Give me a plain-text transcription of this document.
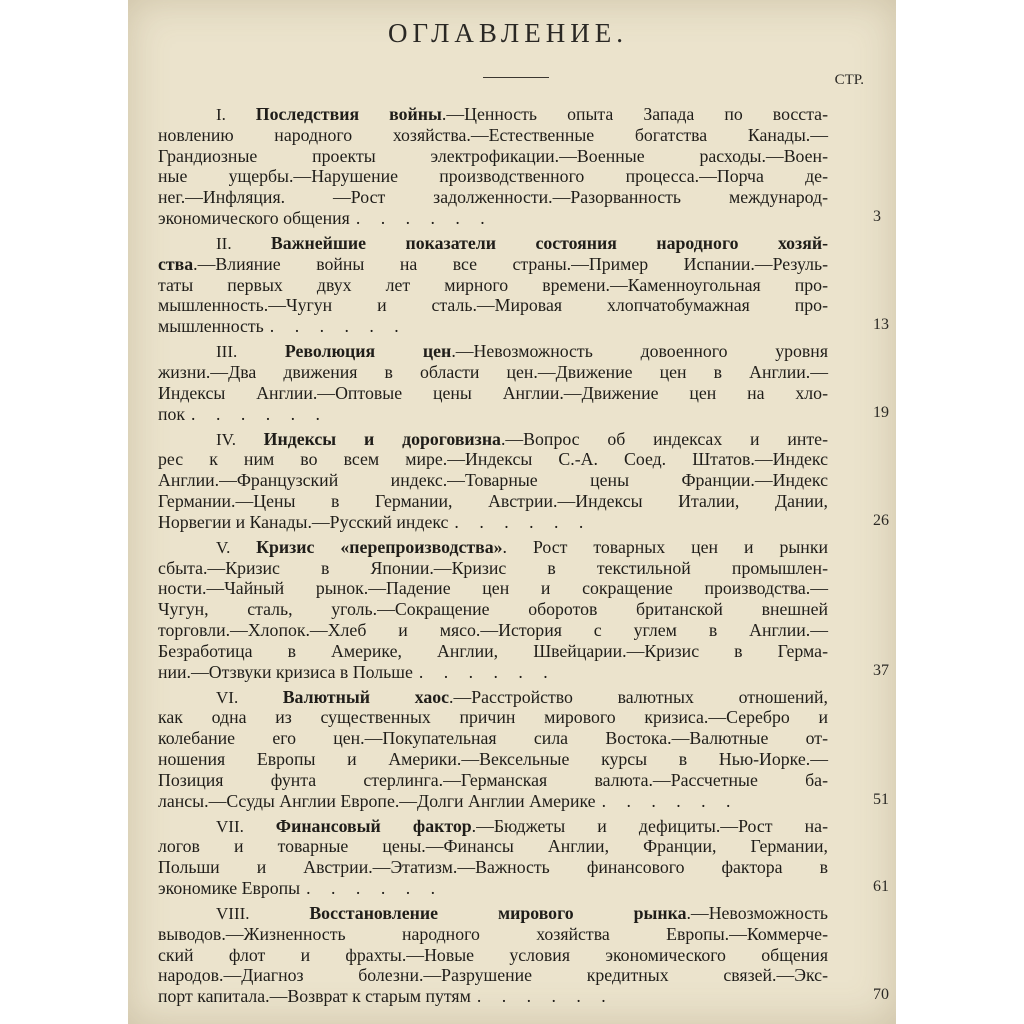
ОГЛАВЛЕНИЕ.
СТР.
I. Последствия войны.—Ценность опыта Запада по восста-
новлению народного хозяйства.—Естественные богатства Канады.—
Грандиозные проекты электрофикации.—Военные расходы.—Воен-
ные ущербы.—Нарушение производственного процесса.—Порча де-
нег.—Инфляция. —Рост задолженности.—Разорванность международ-
экономического общения . . . . . .	3
II. Важнейшие показатели состояния народного хозяй-
ства.—Влияние войны на все страны.—Пример Испании.—Резуль-
таты первых двух лет мирного времени.—Каменноугольная про-
мышленность.—Чугун и сталь.—Мировая хлопчатобумажная про-
мышленность . . . . . .	13
III. Революция цен.—Невозможность довоенного уровня
жизни.—Два движения в области цен.—Движение цен в Англии.—
Индексы Англии.—Оптовые цены Англии.—Движение цен на хло-
пок . . . . . .	19
IV. Индексы и дороговизна.—Вопрос об индексах и инте-
рес к ним во всем мире.—Индексы С.-А. Соед. Штатов.—Индекс
Англии.—Французский индекс.—Товарные цены Франции.—Индекс
Германии.—Цены в Германии, Австрии.—Индексы Италии, Дании,
Норвегии и Канады.—Русский индекс . . . . . .	26
V. Кризис «перепроизводства». Рост товарных цен и рынки
сбыта.—Кризис в Японии.—Кризис в текстильной промышлен-
ности.—Чайный рынок.—Падение цен и сокращение производства.—
Чугун, сталь, уголь.—Сокращение оборотов британской внешней
торговли.—Хлопок.—Хлеб и мясо.—История с углем в Англии.—
Безработица в Америке, Англии, Швейцарии.—Кризис в Герма-
нии.—Отзвуки кризиса в Польше . . . . . .	37
VI. Валютный хаос.—Расстройство валютных отношений,
как одна из существенных причин мирового кризиса.—Серебро и
колебание его цен.—Покупательная сила Востока.—Валютные от-
ношения Европы и Америки.—Вексельные курсы в Нью-Иорке.—
Позиция фунта стерлинга.—Германская валюта.—Рассчетные ба-
лансы.—Ссуды Англии Европе.—Долги Англии Америке . . . . . .	51
VII. Финансовый фактор.—Бюджеты и дефициты.—Рост на-
логов и товарные цены.—Финансы Англии, Франции, Германии,
Польши и Австрии.—Этатизм.—Важность финансового фактора в
экономике Европы . . . . . .	61
VIII. Восстановление мирового рынка.—Невозможность
выводов.—Жизненность народного хозяйства Европы.—Коммерче-
ский флот и фрахты.—Новые условия экономического общения
народов.—Диагноз болезни.—Разрушение кредитных связей.—Экс-
порт капитала.—Возврат к старым путям . . . . . .	70
